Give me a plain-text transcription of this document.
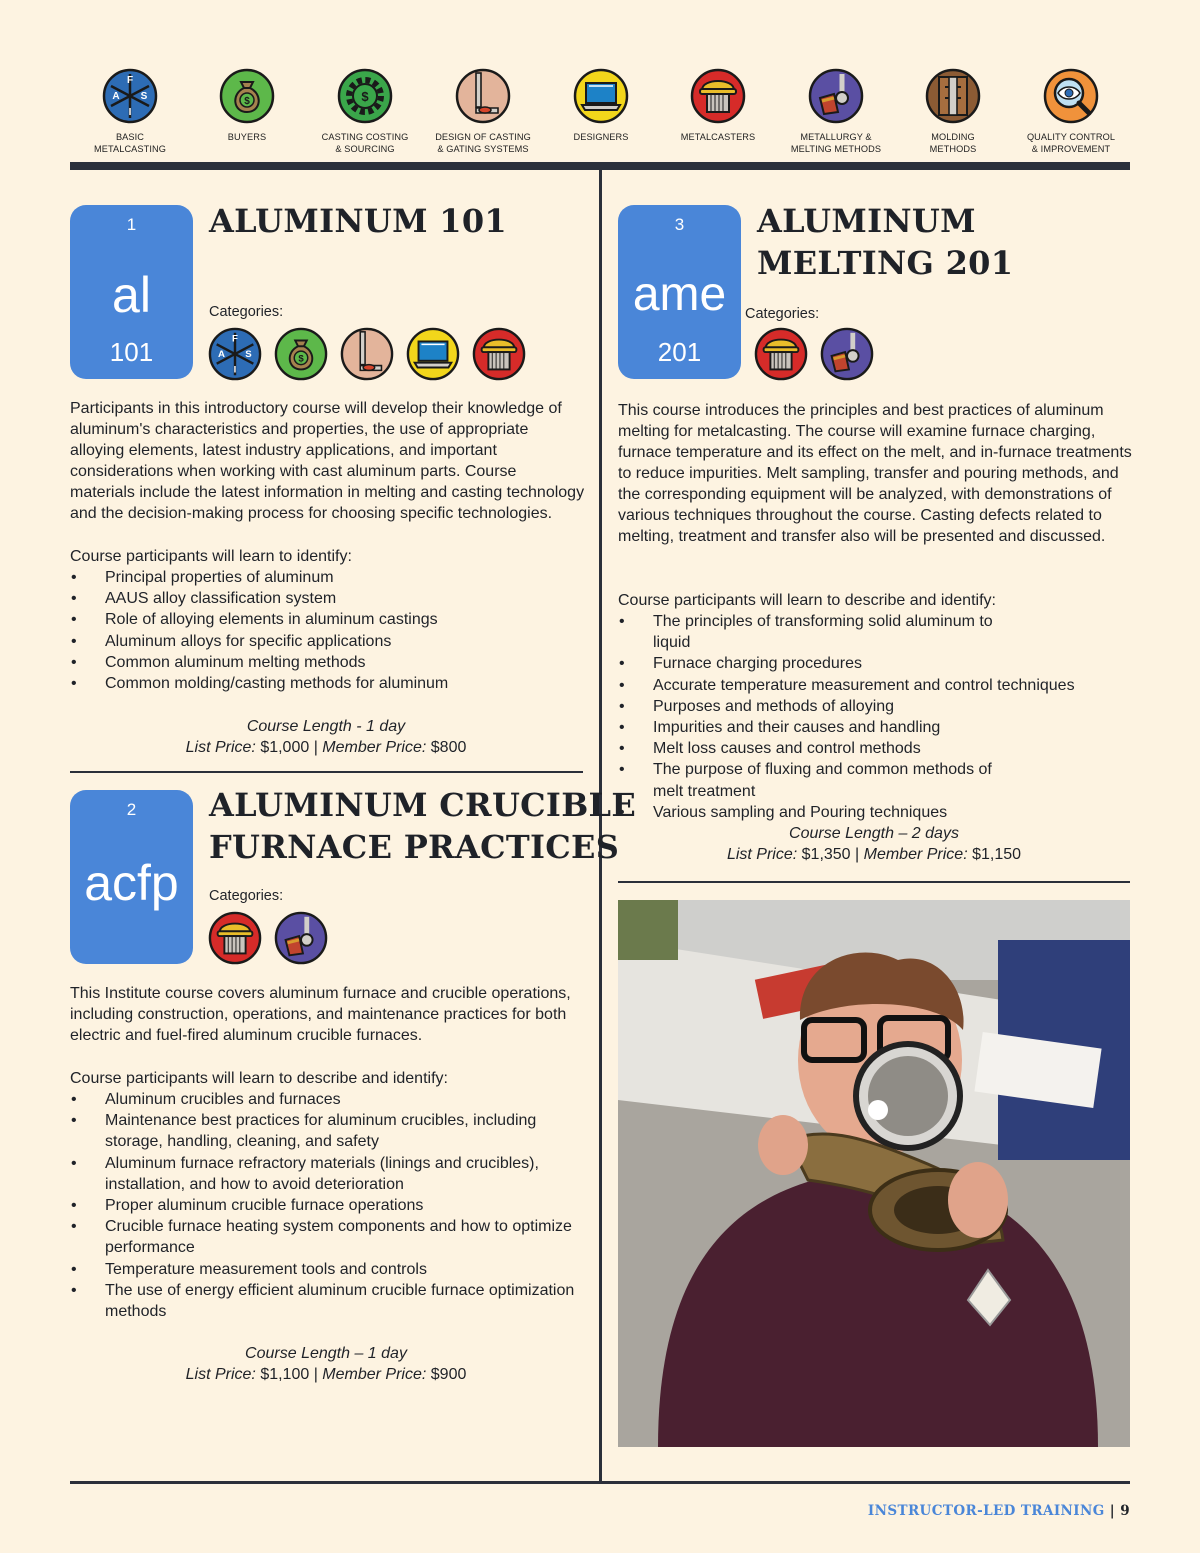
BASIC
METALCASTING
BUYERS	CASTING COSTING
& SOURCING
DESIGN OF CASTING
& GATING SYSTEMS
DESIGNERS	METALCASTERS	METALLURGY &
MELTING METHODS
MOLDING
METHODS
QUALITY CONTROL
& IMPROVEMENT
1
al
101
ALUMINUM 101
Categories:

Participants in this introductory course will develop their knowledge of aluminum's characteristics and properties, the use of appropriate alloying elements, latest industry applications, and important considerations when working with cast aluminum parts. Course materials include the latest information in melting and casting technology and the decision-making process for choosing specific technologies.

Course participants will learn to identify:

• Principal properties of aluminum
• AAUS alloy classification system
• Role of alloying elements in aluminum castings
• Aluminum alloys for specific applications
• Common aluminum melting methods
• Common molding/casting methods for aluminum
Course Length - 1 day
List Price: $1,000 | Member Price: $800
2
acfp
ALUMINUM CRUCIBLE
FURNACE PRACTICES
Categories:

This Institute course covers aluminum furnace and crucible operations, including construction, operations, and maintenance practices for both electric and fuel-fired aluminum crucible furnaces.

Course participants will learn to describe and identify:

• Aluminum crucibles and furnaces
• Maintenance best practices for aluminum crucibles, including storage, handling, cleaning, and safety
• Aluminum furnace refractory materials (linings and crucibles), installation, and how to avoid deterioration
• Proper aluminum crucible furnace operations
• Crucible furnace heating system components and how to optimize performance
• Temperature measurement tools and controls
• The use of energy efficient aluminum crucible furnace optimization methods
Course Length – 1 day
List Price: $1,100 | Member Price: $900
3
ame
201
ALUMINUM
MELTING 201
Categories:

This course introduces the principles and best practices of aluminum melting for metalcasting. The course will examine furnace charging, furnace temperature and its effect on the melt, and in-furnace treatments to reduce impurities. Melt sampling, transfer and pouring methods, and the corresponding equipment will be analyzed, with demonstrations of various techniques throughout the course. Casting defects related to melting, treatment and transfer also will be presented and discussed.

Course participants will learn to describe and identify:

• The principles of transforming solid aluminum to liquid
• Furnace charging procedures
• Accurate temperature measurement and control techniques
• Purposes and methods of alloying
• Impurities and their causes and handling
• Melt loss causes and control methods
• The purpose of fluxing and common methods of melt treatment
• Various sampling and Pouring techniques
Course Length – 2 days
List Price: $1,350 | Member Price: $1,150
INSTRUCTOR-LED TRAINING | 9
